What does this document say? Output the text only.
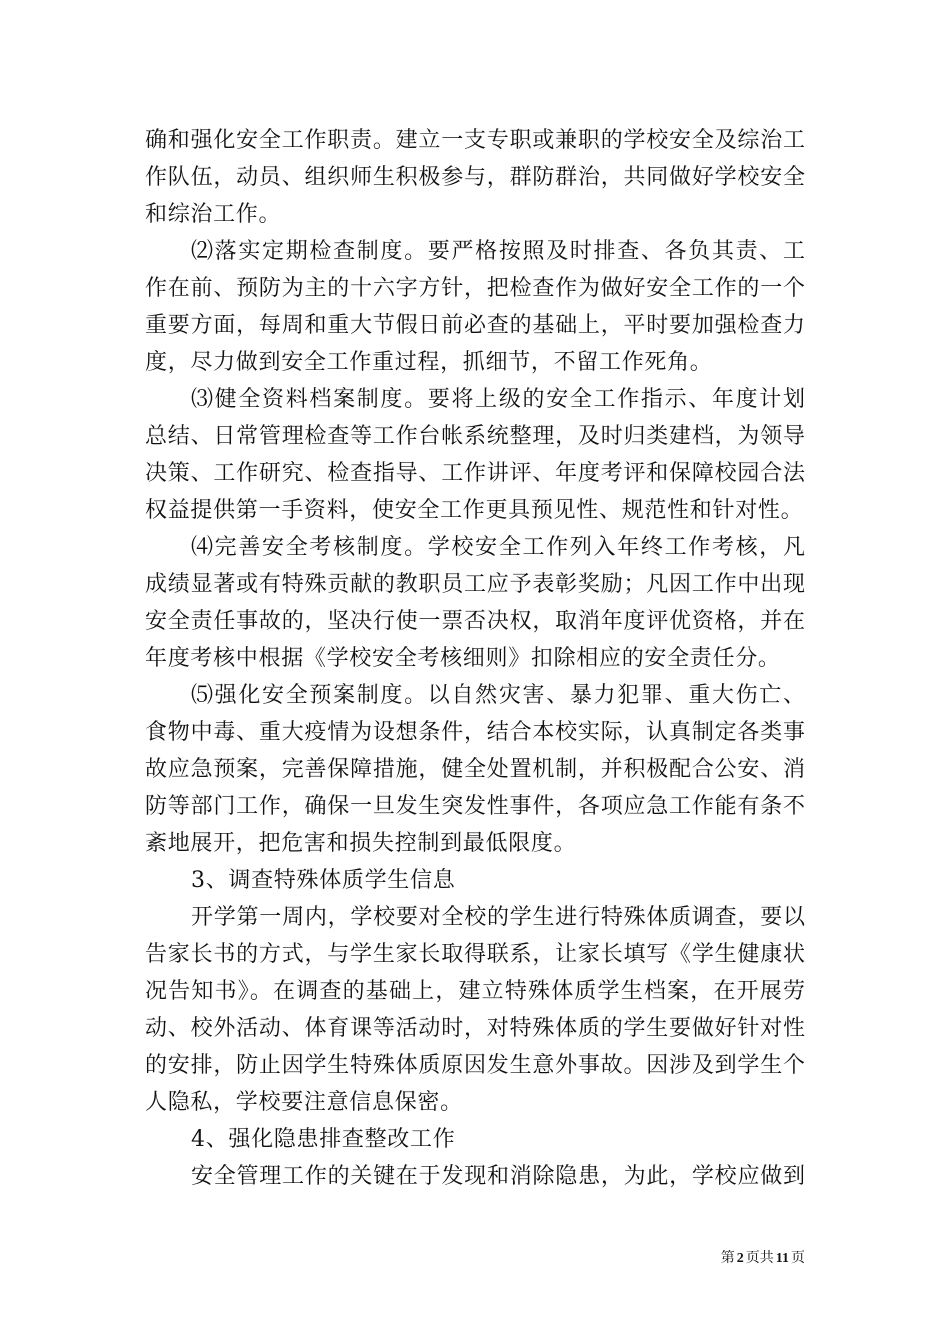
确和强化安全工作职责。建立一支专职或兼职的学校安全及综治工
作队伍，动员、组织师生积极参与，群防群治，共同做好学校安全
和综治工作。
⑵落实定期检查制度。要严格按照及时排查、各负其责、工
作在前、预防为主的十六字方针，把检查作为做好安全工作的一个
重要方面，每周和重大节假日前必查的基础上，平时要加强检查力
度，尽力做到安全工作重过程，抓细节，不留工作死角。
⑶健全资料档案制度。要将上级的安全工作指示、年度计划
总结、日常管理检查等工作台帐系统整理，及时归类建档，为领导
决策、工作研究、检查指导、工作讲评、年度考评和保障校园合法
权益提供第一手资料，使安全工作更具预见性、规范性和针对性。
⑷完善安全考核制度。学校安全工作列入年终工作考核，凡
成绩显著或有特殊贡献的教职员工应予表彰奖励；凡因工作中出现
安全责任事故的，坚决行使一票否决权，取消年度评优资格，并在
年度考核中根据《学校安全考核细则》扣除相应的安全责任分。
⑸强化安全预案制度。以自然灾害、暴力犯罪、重大伤亡、
食物中毒、重大疫情为设想条件，结合本校实际，认真制定各类事
故应急预案，完善保障措施，健全处置机制，并积极配合公安、消
防等部门工作，确保一旦发生突发性事件，各项应急工作能有条不
紊地展开，把危害和损失控制到最低限度。
3、调查特殊体质学生信息
开学第一周内，学校要对全校的学生进行特殊体质调查，要以
告家长书的方式，与学生家长取得联系，让家长填写《学生健康状
况告知书》。在调查的基础上，建立特殊体质学生档案，在开展劳
动、校外活动、体育课等活动时，对特殊体质的学生要做好针对性
的安排，防止因学生特殊体质原因发生意外事故。因涉及到学生个
人隐私，学校要注意信息保密。
4、强化隐患排查整改工作
安全管理工作的关键在于发现和消除隐患，为此，学校应做到
第 2 页共 11 页
